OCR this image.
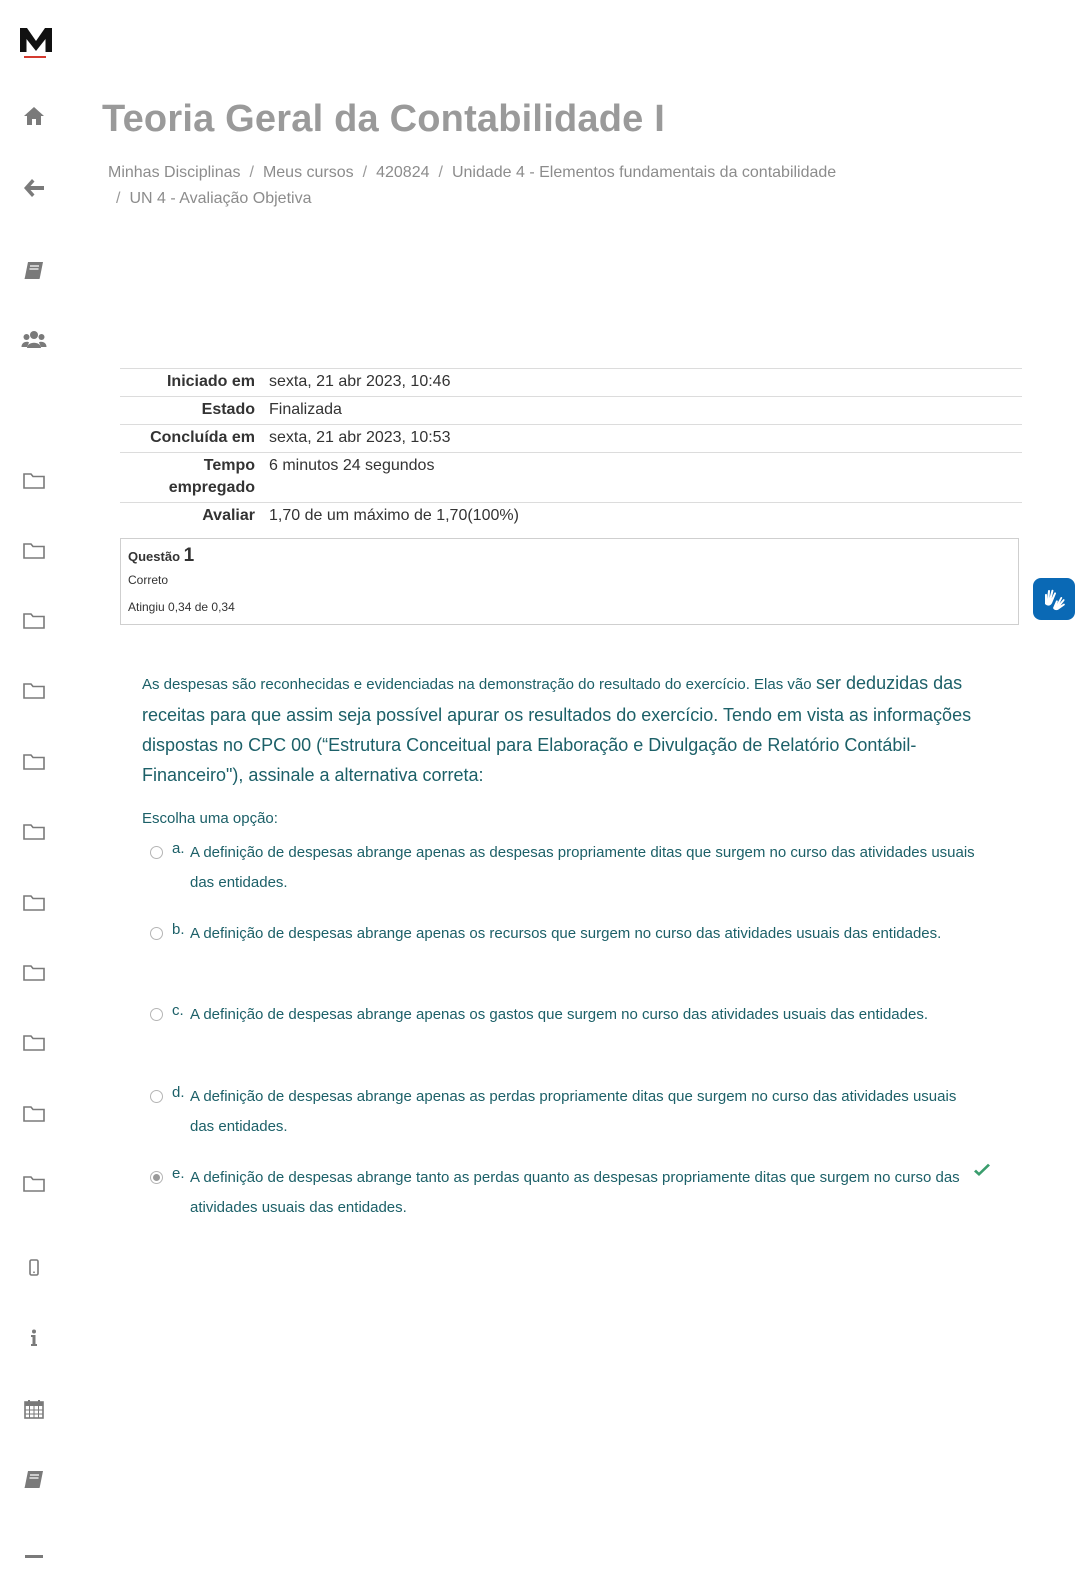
Teoria Geral da Contabilidade I
Minhas Disciplinas / Meus cursos / 420824 / Unidade 4 - Elementos fundamentais da contabilidade
/ UN 4 - Avaliação Objetiva
Iniciado em	sexta, 21 abr 2023, 10:46
Estado	Finalizada
Concluída em	sexta, 21 abr 2023, 10:53
Tempo empregado	6 minutos 24 segundos
Avaliar	1,70 de um máximo de 1,70(100%)
Questão 1
Correto
Atingiu 0,34 de 0,34
As despesas são reconhecidas e evidenciadas na demonstração do resultado do exercício. Elas vão ser deduzidas das receitas para que assim seja possível apurar os resultados do exercício. Tendo em vista as informações dispostas no CPC 00 (“Estrutura Conceitual para Elaboração e Divulgação de Relatório Contábil-Financeiro"), assinale a alternativa correta:
Escolha uma opção:
a. A definição de despesas abrange apenas as despesas propriamente ditas que surgem no curso das atividades usuais das entidades.
b. A definição de despesas abrange apenas os recursos que surgem no curso das atividades usuais das entidades.
c. A definição de despesas abrange apenas os gastos que surgem no curso das atividades usuais das entidades.
d. A definição de despesas abrange apenas as perdas propriamente ditas que surgem no curso das atividades usuais das entidades.
e. A definição de despesas abrange tanto as perdas quanto as despesas propriamente ditas que surgem no curso das atividades usuais das entidades.
